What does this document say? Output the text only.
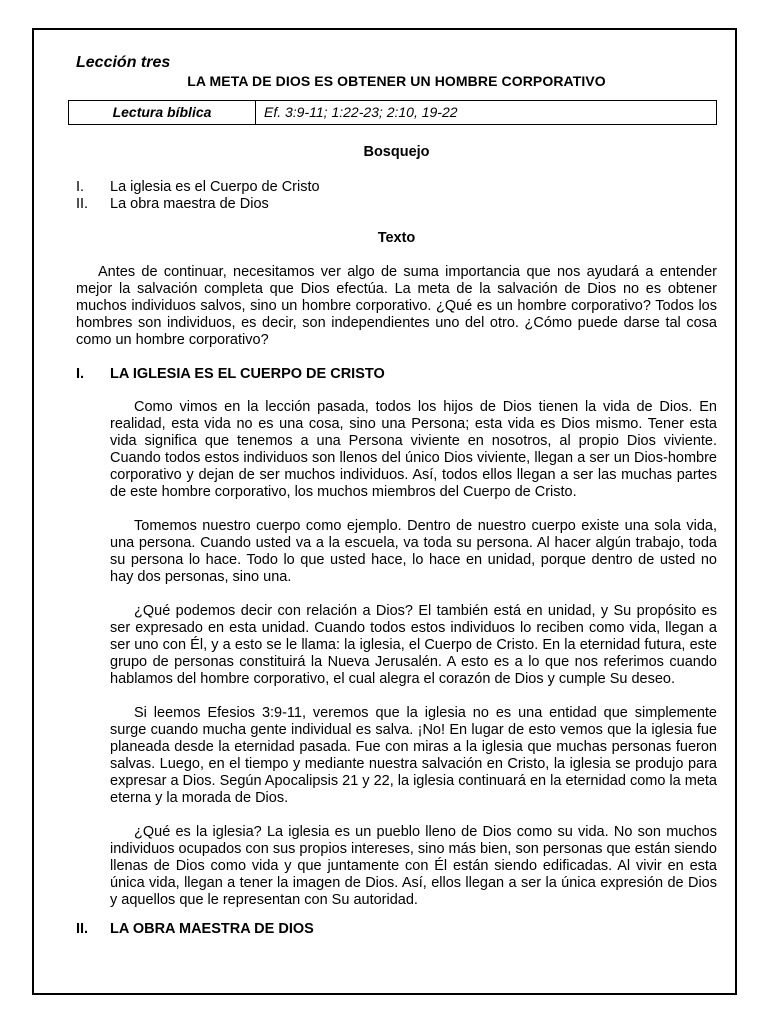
Lección tres
LA META DE DIOS ES OBTENER UN HOMBRE CORPORATIVO
Lectura bíblica	Ef. 3:9-11; 1:22-23; 2:10, 19-22
Bosquejo
I.	La iglesia es el Cuerpo de Cristo
II.	La obra maestra de Dios
Texto

Antes de continuar, necesitamos ver algo de suma importancia que nos ayudará a entender mejor la salvación completa que Dios efectúa. La meta de la salvación de Dios no es obtener muchos individuos salvos, sino un hombre corporativo. ¿Qué es un hombre corporativo? Todos los hombres son individuos, es decir, son independientes uno del otro. ¿Cómo puede darse tal cosa como un hombre corporativo?

I.	LA IGLESIA ES EL CUERPO DE CRISTO

Como vimos en la lección pasada, todos los hijos de Dios tienen la vida de Dios. En realidad, esta vida no es una cosa, sino una Persona; esta vida es Dios mismo. Tener esta vida significa que tenemos a una Persona viviente en nosotros, al propio Dios viviente. Cuando todos estos individuos son llenos del único Dios viviente, llegan a ser un Dios-hombre corporativo y dejan de ser muchos individuos. Así, todos ellos llegan a ser las muchas partes de este hombre corporativo, los muchos miembros del Cuerpo de Cristo.

Tomemos nuestro cuerpo como ejemplo. Dentro de nuestro cuerpo existe una sola vida, una persona. Cuando usted va a la escuela, va toda su persona. Al hacer algún trabajo, toda su persona lo hace. Todo lo que usted hace, lo hace en unidad, porque dentro de usted no hay dos personas, sino una.

¿Qué podemos decir con relación a Dios? El también está en unidad, y Su propósito es ser expresado en esta unidad. Cuando todos estos individuos lo reciben como vida, llegan a ser uno con Él, y a esto se le llama: la iglesia, el Cuerpo de Cristo. En la eternidad futura, este grupo de personas constituirá la Nueva Jerusalén. A esto es a lo que nos referimos cuando hablamos del hombre corporativo, el cual alegra el corazón de Dios y cumple Su deseo.

Si leemos Efesios 3:9-11, veremos que la iglesia no es una entidad que simplemente surge cuando mucha gente individual es salva. ¡No! En lugar de esto vemos que la iglesia fue planeada desde la eternidad pasada. Fue con miras a la iglesia que muchas personas fueron salvas. Luego, en el tiempo y mediante nuestra salvación en Cristo, la iglesia se produjo para expresar a Dios. Según Apocalipsis 21 y 22, la iglesia continuará en la eternidad como la meta eterna y la morada de Dios.

¿Qué es la iglesia? La iglesia es un pueblo lleno de Dios como su vida. No son muchos individuos ocupados con sus propios intereses, sino más bien, son personas que están siendo llenas de Dios como vida y que juntamente con Él están siendo edificadas. Al vivir en esta única vida, llegan a tener la imagen de Dios. Así, ellos llegan a ser la única expresión de Dios y aquellos que le representan con Su autoridad.

II.	LA OBRA MAESTRA DE DIOS
